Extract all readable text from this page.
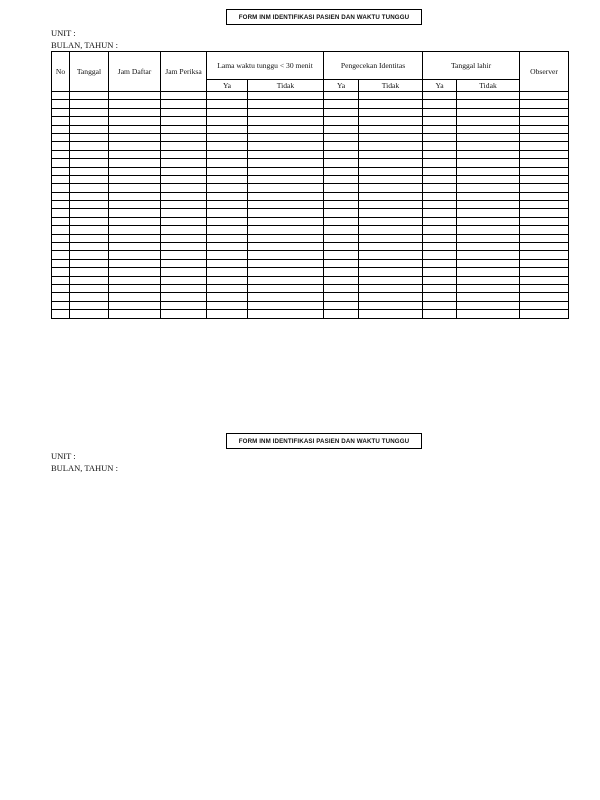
FORM INM IDENTIFIKASI PASIEN DAN WAKTU TUNGGU
UNIT :
BULAN, TAHUN :
No	Tanggal	Jam Daftar	Jam Periksa	Lama waktu tunggu < 30 menit		Pengecekan Identitas		Tanggal lahir		Observer
				Ya	Tidak	Ya	Tidak	Ya	Tidak	

FORM INM IDENTIFIKASI PASIEN DAN WAKTU TUNGGU
UNIT :
BULAN, TAHUN :
